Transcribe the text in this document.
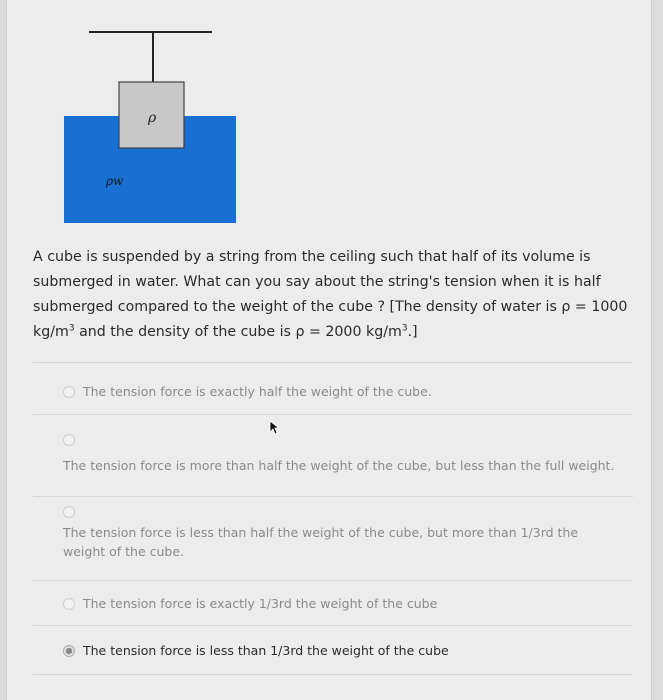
ρ
ρw
A cube is suspended by a string from the ceiling such that half of its volume is
submerged in water. What can you say about the string's tension when it is half
submerged compared to the weight of the cube ? [The density of water is ρ = 1000
$kg/m^3$ and the density of the cube is ρ = 2000 $kg/m^3$.]
The tension force is exactly half the weight of the cube.
The tension force is more than half the weight of the cube, but less than the full weight.
The tension force is less than half the weight of the cube, but more than 1/3rd the
weight of the cube.
The tension force is exactly 1/3rd the weight of the cube
The tension force is less than 1/3rd the weight of the cube
